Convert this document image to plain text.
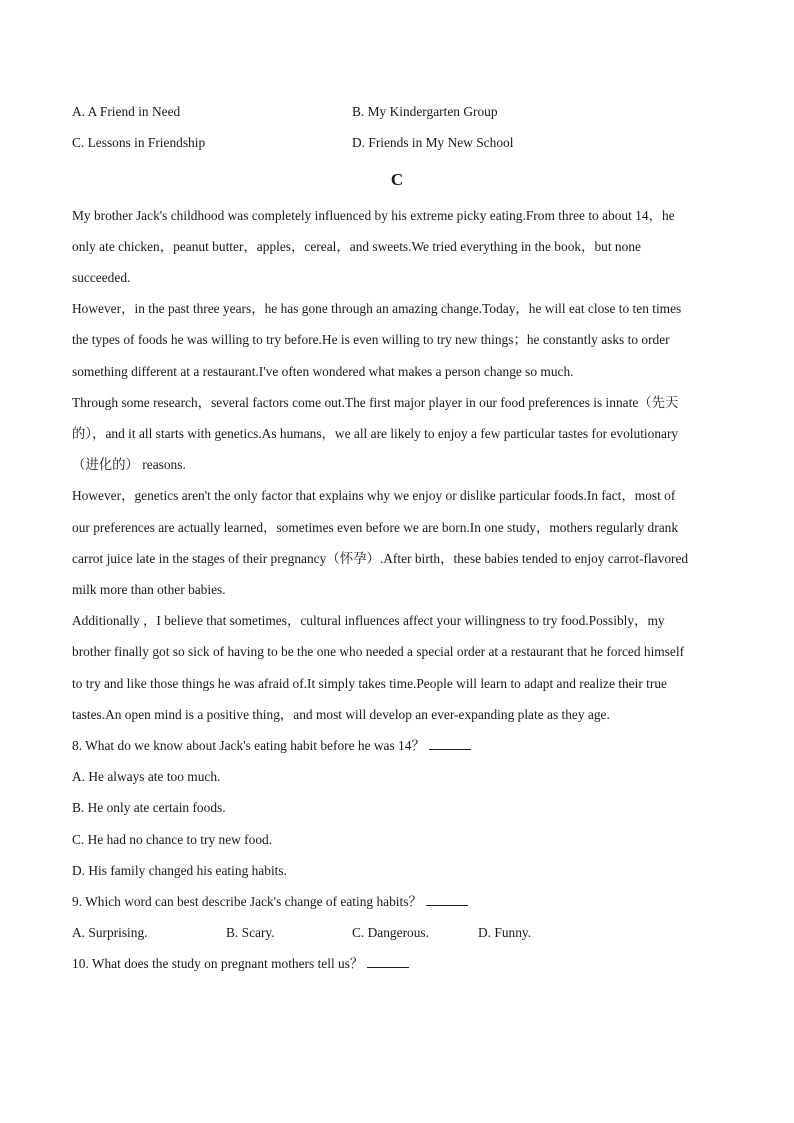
A. A Friend in Need	B. My Kindergarten Group
C. Lessons in Friendship	D. Friends in My New School
C
My brother Jack's childhood was completely influenced by his extreme picky eating.From three to about 14，he
only ate chicken，peanut butter，apples，cereal，and sweets.We tried everything in the book，but none
succeeded.
However，in the past three years，he has gone through an amazing change.Today，he will eat close to ten times
the types of foods he was willing to try before.He is even willing to try new things；he constantly asks to order
something different at a restaurant.I've often wondered what makes a person change so much.
Through some research，several factors come out.The first major player in our food preferences is innate（先天
的），and it all starts with genetics.As humans，we all are likely to enjoy a few particular tastes for evolutionary
（进化的） reasons.
However，genetics aren't the only factor that explains why we enjoy or dislike particular foods.In fact，most of
our preferences are actually learned，sometimes even before we are born.In one study，mothers regularly drank
carrot juice late in the stages of their pregnancy（怀孕）.After birth，these babies tended to enjoy carrot-flavored
milk more than other babies.
Additionally ，I believe that sometimes，cultural influences affect your willingness to try food.Possibly，my
brother finally got so sick of having to be the one who needed a special order at a restaurant that he forced himself
to try and like those things he was afraid of.It simply takes time.People will learn to adapt and realize their true
tastes.An open mind is a positive thing，and most will develop an ever-expanding plate as they age.
8. What do we know about Jack's eating habit before he was 14？
A. He always ate too much.
B. He only ate certain foods.
C. He had no chance to try new food.
D. His family changed his eating habits.
9. Which word can best describe Jack's change of eating habits？
A. Surprising.	B. Scary.	C. Dangerous.	D. Funny.
10. What does the study on pregnant mothers tell us？
